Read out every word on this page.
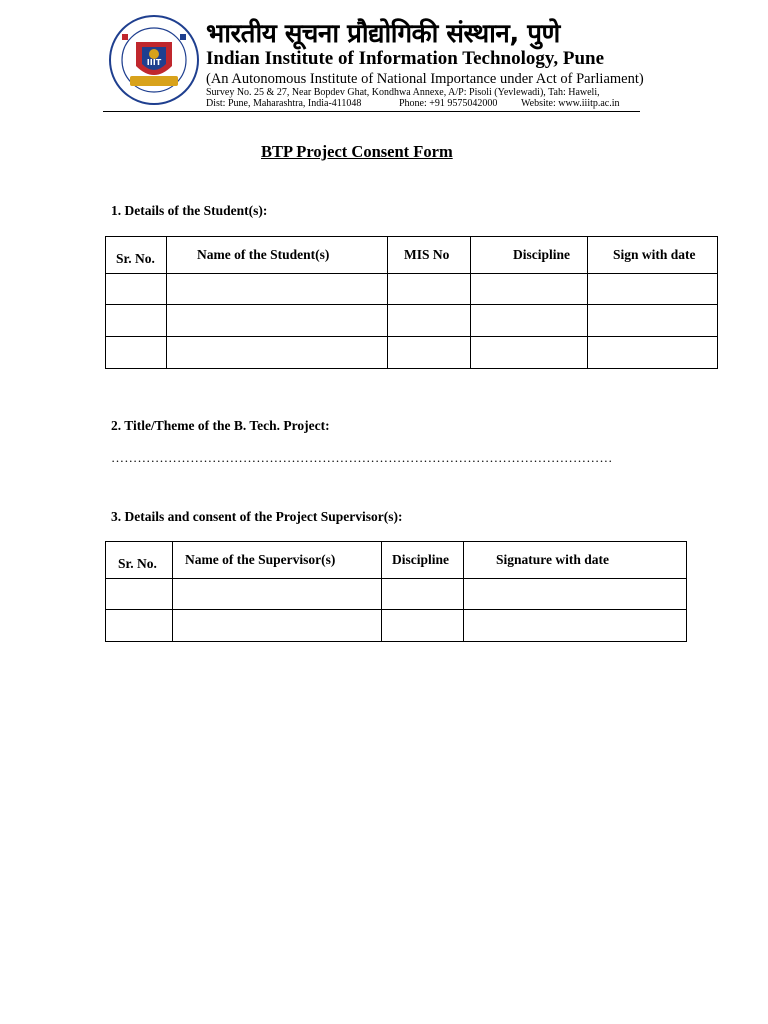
IIIT
भारतीय सूचना प्रौद्योगिकी संस्थान, पुणे
Indian Institute of Information Technology, Pune
(An Autonomous Institute of National Importance under Act of Parliament)
Survey No. 25 & 27, Near Bopdev Ghat, Kondhwa Annexe, A/P: Pisoli (Yevlewadi), Tah: Haweli,
Dist: Pune, Maharashtra, India-411048	Phone: +91 9575042000 Website: www.iiitp.ac.in
BTP Project Consent Form
1. Details of the Student(s):
Sr. No.	Name of the Student(s)	MIS No	Discipline	Sign with date

2. Title/Theme of the B. Tech. Project:
……………………………………………………………………………………………………
3. Details and consent of the Project Supervisor(s):
Sr. No.	Name of the Supervisor(s)	Discipline	Signature with date
